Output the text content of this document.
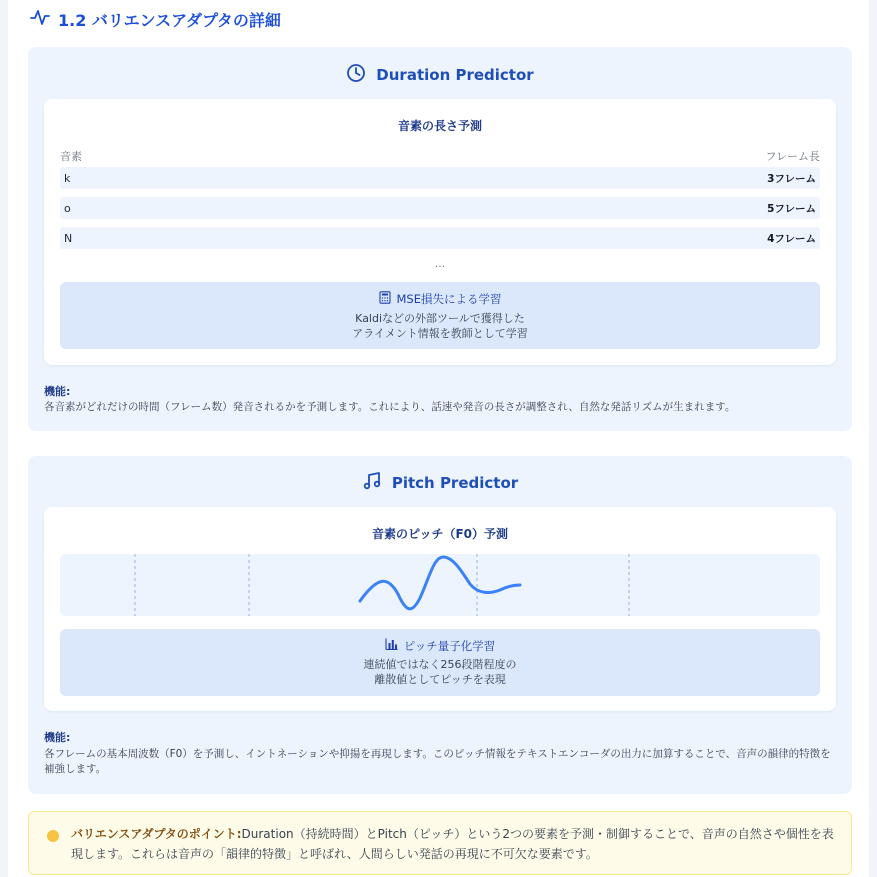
1.2 バリエンスアダプタの詳細
Duration Predictor
音素の長さ予測
音素	フレーム長
k	3フレーム
o	5フレーム
N	4フレーム
...
MSE損失による学習
Kaldiなどの外部ツールで獲得した
アライメント情報を教師として学習
機能:
各音素がどれだけの時間（フレーム数）発音されるかを予測します。これにより、話速や発音の長さが調整され、自然な発話リズムが生まれます。
Pitch Predictor
音素のピッチ（F0）予測
ピッチ量子化学習
連続値ではなく256段階程度の
離散値としてピッチを表現
機能:
各フレームの基本周波数（F0）を予測し、イントネーションや抑揚を再現します。このピッチ情報をテキストエンコーダの出力に加算することで、音声の韻律的特徴を補強します。
バリエンスアダプタのポイント:Duration（持続時間）とPitch（ピッチ）という2つの要素を予測・制御することで、音声の自然さや個性を表現します。これらは音声の「韻律的特徴」と呼ばれ、人間らしい発話の再現に不可欠な要素です。
